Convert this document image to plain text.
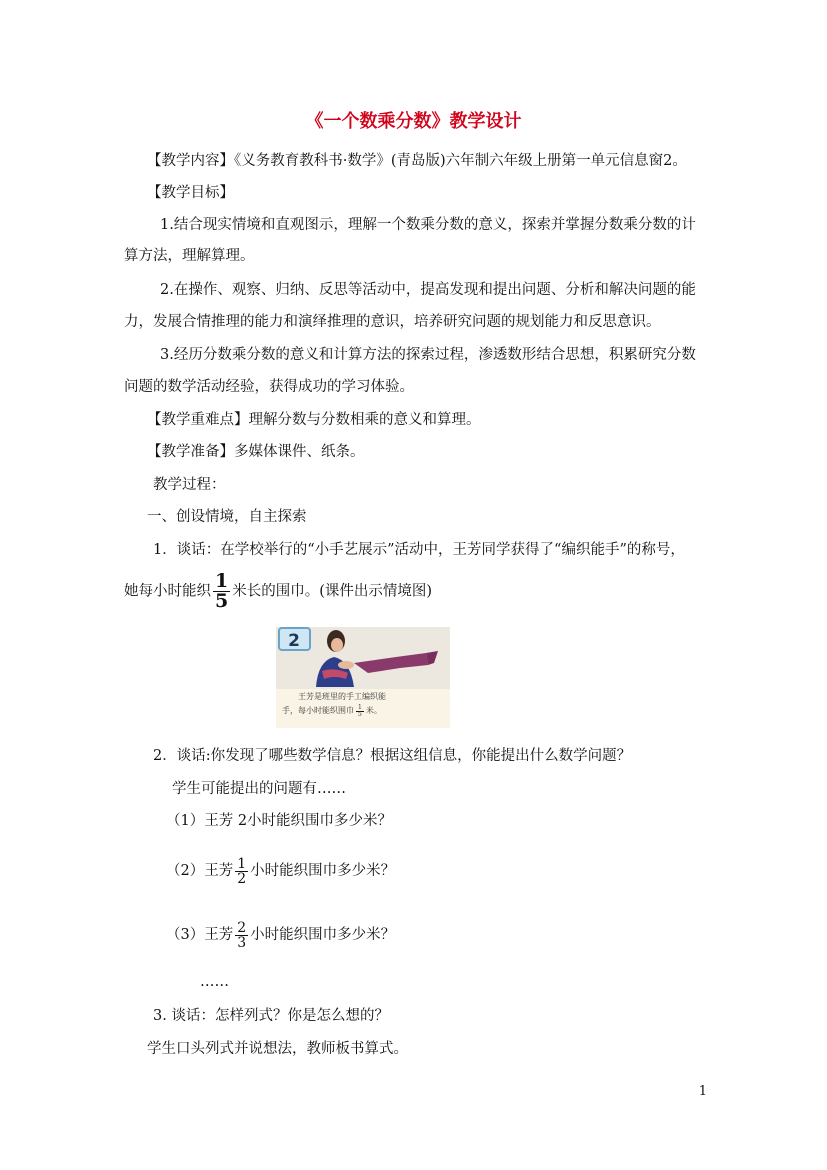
《一个数乘分数》教学设计
【教学内容】《义务教育教科书·数学》(青岛版)六年制六年级上册第一单元信息窗2。
【教学目标】
1.结合现实情境和直观图示，理解一个数乘分数的意义，探索并掌握分数乘分数的计
算方法，理解算理。
2.在操作、观察、归纳、反思等活动中，提高发现和提出问题、分析和解决问题的能
力，发展合情推理的能力和演绎推理的意识，培养研究问题的规划能力和反思意识。
3.经历分数乘分数的意义和计算方法的探索过程，渗透数形结合思想，积累研究分数
问题的数学活动经验，获得成功的学习体验。
【教学重难点】理解分数与分数相乘的意义和算理。
【教学准备】多媒体课件、纸条。
教学过程：
一、创设情境，自主探索
1．谈话：在学校举行的“小手艺展示”活动中，王芳同学获得了“编织能手”的称号，
她每小时能织 $\frac{1}{5}$ 米长的围巾。(课件出示情境图)
2
王芳是班里的手工编织能
手，每小时能织围巾 $\frac{1}{5}$ 米。
2．谈话:你发现了哪些数学信息？根据这组信息，你能提出什么数学问题？
学生可能提出的问题有……
（1）王芳 2小时能织围巾多少米？
（2）王芳 $\frac{1}{2}$ 小时能织围巾多少米？
（3）王芳 $\frac{2}{3}$ 小时能织围巾多少米？
……
3. 谈话：怎样列式？你是怎么想的？
学生口头列式并说想法，教师板书算式。
1
